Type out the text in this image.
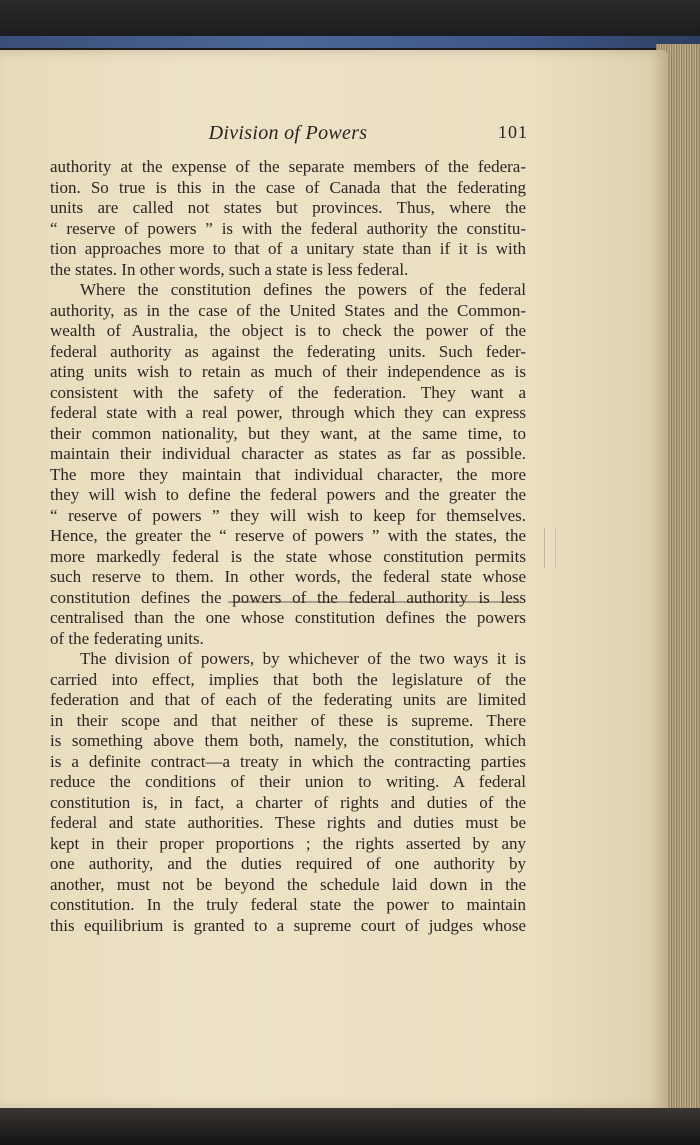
Division of Powers	101
authority at the expense of the separate members of the federa-
tion. So true is this in the case of Canada that the federating
units are called not states but provinces. Thus, where the
“ reserve of powers ” is with the federal authority the constitu-
tion approaches more to that of a unitary state than if it is with
the states. In other words, such a state is less federal.
Where the constitution defines the powers of the federal
authority, as in the case of the United States and the Common-
wealth of Australia, the object is to check the power of the
federal authority as against the federating units. Such feder-
ating units wish to retain as much of their independence as is
consistent with the safety of the federation. They want a
federal state with a real power, through which they can express
their common nationality, but they want, at the same time, to
maintain their individual character as states as far as possible.
The more they maintain that individual character, the more
they will wish to define the federal powers and the greater the
“ reserve of powers ” they will wish to keep for themselves.
Hence, the greater the “ reserve of powers ” with the states, the
more markedly federal is the state whose constitution permits
such reserve to them. In other words, the federal state whose
constitution defines the powers of the federal authority is less
centralised than the one whose constitution defines the powers
of the federating units.
The division of powers, by whichever of the two ways it is
carried into effect, implies that both the legislature of the
federation and that of each of the federating units are limited
in their scope and that neither of these is supreme. There
is something above them both, namely, the constitution, which
is a definite contract—a treaty in which the contracting parties
reduce the conditions of their union to writing. A federal
constitution is, in fact, a charter of rights and duties of the
federal and state authorities. These rights and duties must be
kept in their proper proportions ; the rights asserted by any
one authority, and the duties required of one authority by
another, must not be beyond the schedule laid down in the
constitution. In the truly federal state the power to maintain
this equilibrium is granted to a supreme court of judges whose
